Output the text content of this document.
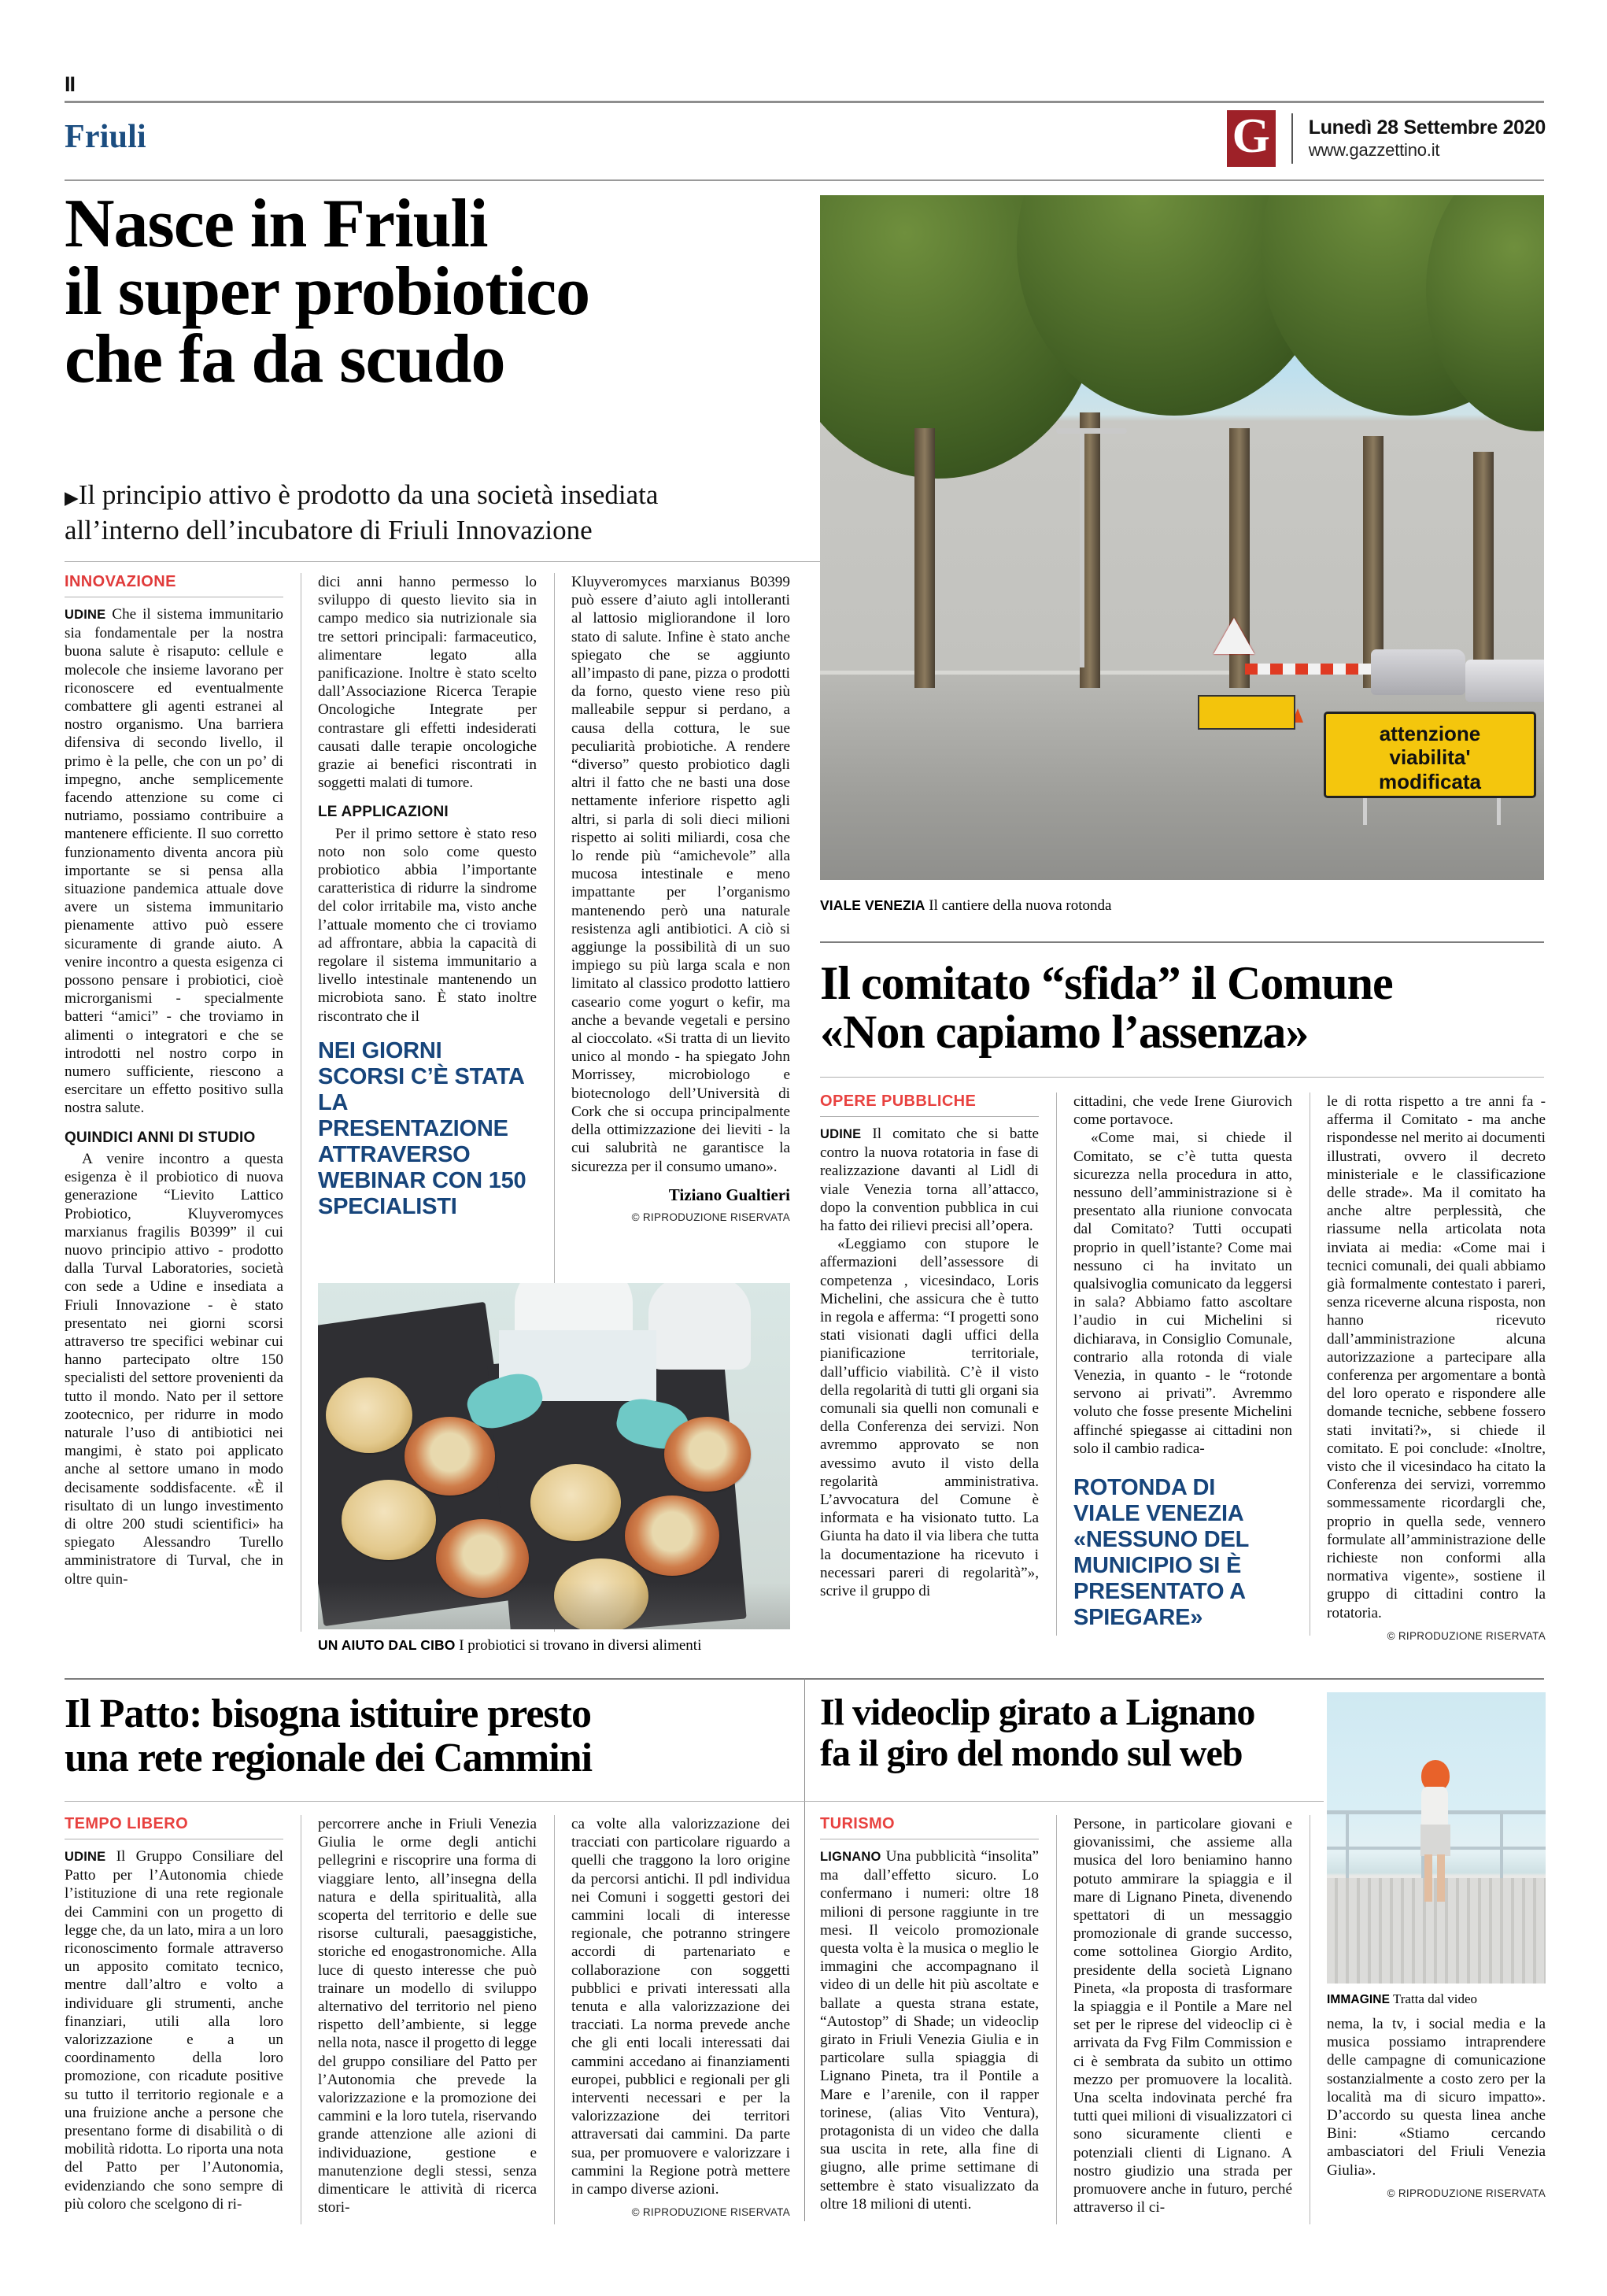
II
Friuli	G Lunedì 28 Settembre 2020
www.gazzettino.it
Nasce in Friuli
il super probiotico
che fa da scudo
▶Il principio attivo è prodotto da una società insediata
all’interno dell’incubatore di Friuli Innovazione
INNOVAZIONE

UDINE Che il sistema immunitario sia fondamentale per la nostra buona salute è risaputo: cellule e molecole che insieme lavorano per riconoscere ed eventualmente combattere gli agenti estranei al nostro organismo. Una barriera difensiva di secondo livello, il primo è la pelle, che con un po’ di impegno, anche semplicemente facendo attenzione su come ci nutriamo, possiamo contribuire a mantenere efficiente. Il suo corretto funzionamento diventa ancora più importante se si pensa alla situazione pandemica attuale dove avere un sistema immunitario pienamente attivo può essere sicuramente di grande aiuto. A venire incontro a questa esigenza ci possono pensare i probiotici, cioè microrganismi - specialmente batteri “amici” - che troviamo in alimenti o integratori e che se introdotti nel nostro corpo in numero sufficiente, riescono a esercitare un effetto positivo sulla nostra salute.

QUINDICI ANNI DI STUDIO

A venire incontro a questa esigenza è il probiotico di nuova generazione “Lievito Lattico Probiotico, Kluyveromyces marxianus fragilis B0399” il cui nuovo principio attivo - prodotto dalla Turval Laboratories, società con sede a Udine e insediata a Friuli Innovazione - è stato presentato nei giorni scorsi attraverso tre specifici webinar cui hanno partecipato oltre 150 specialisti del settore provenienti da tutto il mondo. Nato per il settore zootecnico, per ridurre in modo naturale l’uso di antibiotici nei mangimi, è stato poi applicato anche al settore umano in modo decisamente soddisfacente. «È il risultato di un lungo investimento di oltre 200 studi scientifici» ha spiegato Alessandro Turello amministratore di Turval, che in oltre quin-

dici anni hanno permesso lo sviluppo di questo lievito sia in campo medico sia nutrizionale sia tre settori principali: farmaceutico, alimentare legato alla panificazione. Inoltre è stato scelto dall’Associazione Ricerca Terapie Oncologiche Integrate per contrastare gli effetti indesiderati causati dalle terapie oncologiche grazie ai benefici riscontrati in soggetti malati di tumore.

LE APPLICAZIONI

Per il primo settore è stato reso noto non solo come questo probiotico abbia l’importante caratteristica di ridurre la sindrome del color irritabile ma, visto anche l’attuale momento che ci troviamo ad affrontare, abbia la capacità di regolare il sistema immunitario a livello intestinale mantenendo un microbiota sano. È stato inoltre riscontrato che il

NEI GIORNI SCORSI C’È STATA LA PRESENTAZIONE ATTRAVERSO WEBINAR CON 150 SPECIALISTI

Kluyveromyces marxianus B0399 può essere d’aiuto agli intolleranti al lattosio migliorandone il loro stato di salute. Infine è stato anche spiegato che se aggiunto all’impasto di pane, pizza o prodotti da forno, questo viene reso più malleabile seppur si perdano, a causa della cottura, le sue peculiarità probiotiche. A rendere “diverso” questo probiotico dagli altri il fatto che ne basti una dose nettamente inferiore rispetto agli altri, si parla di soli dieci milioni rispetto ai soliti miliardi, cosa che lo rende più “amichevole” alla mucosa intestinale e meno impattante per l’organismo mantenendo però una naturale resistenza agli antibiotici. A ciò si aggiunge la possibilità di un suo impiego su più larga scala e non limitato al classico prodotto lattiero caseario come yogurt o kefir, ma anche a bevande vegetali e persino al cioccolato. «Si tratta di un lievito unico al mondo - ha spiegato John Morrissey, microbiologo e biotecnologo dell’Università di Cork che si occupa principalmente della ottimizzazione dei lieviti - la cui salubrità ne garantisce la sicurezza per il consumo umano».

Tiziano Gualtieri
© RIPRODUZIONE RISERVATA
UN AIUTO DAL CIBO I probiotici si trovano in diversi alimenti
attenzione
viabilita'
modificata
VIALE VENEZIA Il cantiere della nuova rotonda
Il comitato “sfida” il Comune
«Non capiamo l’assenza»
OPERE PUBBLICHE

UDINE Il comitato che si batte contro la nuova rotatoria in fase di realizzazione davanti al Lidl di viale Venezia torna all’attacco, dopo la convention pubblica in cui ha fatto dei rilievi precisi all’opera.

«Leggiamo con stupore le affermazioni dell’assessore di competenza , vicesindaco, Loris Michelini, che assicura che è tutto in regola e afferma: “I progetti sono stati visionati dagli uffici della pianificazione territoriale, dall’ufficio viabilità. C’è il visto della regolarità di tutti gli organi sia comunali sia quelli non comunali e della Conferenza dei servizi. Non avremmo approvato se non avessimo avuto il visto della regolarità amministrativa. L’avvocatura del Comune è informata e ha visionato tutto. La Giunta ha dato il via libera che tutta la documentazione ha ricevuto i necessari pareri di regolarità”», scrive il gruppo di

cittadini, che vede Irene Giurovich come portavoce.

«Come mai, si chiede il Comitato, se c’è tutta questa sicurezza nella procedura in atto, nessuno dell’amministrazione si è presentato alla riunione convocata dal Comitato? Tutti occupati proprio in quell’istante? Come mai nessuno ci ha invitato un qualsivoglia comunicato da leggersi in sala? Abbiamo fatto ascoltare l’audio in cui Michelini si dichiarava, in Consiglio Comunale, contrario alla rotonda di viale Venezia, in quanto - le “rotonde servono ai privati”. Avremmo voluto che fosse presente Michelini affinché spiegasse ai cittadini non solo il cambio radica-

ROTONDA DI VIALE VENEZIA «NESSUNO DEL MUNICIPIO SI È PRESENTATO A SPIEGARE»

le di rotta rispetto a tre anni fa - afferma il Comitato - ma anche rispondesse nel merito ai documenti illustrati, ovvero il decreto ministeriale e le classificazione delle strade». Ma il comitato ha anche altre perplessità, che riassume nella articolata nota inviata ai media: «Come mai i tecnici comunali, dei quali abbiamo già formalmente contestato i pareri, senza riceverne alcuna risposta, non hanno ricevuto dall’amministrazione alcuna autorizzazione a partecipare alla conferenza per argomentare a bontà del loro operato e rispondere alle domande tecniche, sebbene fossero stati invitati?», si chiede il comitato. E poi conclude: «Inoltre, visto che il vicesindaco ha citato la Conferenza dei servizi, vorremmo sommessamente ricordargli che, proprio in quella sede, vennero formulate all’amministrazione delle richieste non conformi alla normativa vigente», sostiene il gruppo di cittadini contro la rotatoria.

© RIPRODUZIONE RISERVATA
Il Patto: bisogna istituire presto
una rete regionale dei Cammini
TEMPO LIBERO

UDINE Il Gruppo Consiliare del Patto per l’Autonomia chiede l’istituzione di una rete regionale dei Cammini con un progetto di legge che, da un lato, mira a un loro riconoscimento formale attraverso un apposito comitato tecnico, mentre dall’altro e volto a individuare gli strumenti, anche finanziari, utili alla loro valorizzazione e a un coordinamento della loro promozione, con ricadute positive su tutto il territorio regionale e a una fruizione anche a persone che presentano forme di disabilità o di mobilità ridotta. Lo riporta una nota del Patto per l’Autonomia, evidenziando che sono sempre di più coloro che scelgono di ri-

percorrere anche in Friuli Venezia Giulia le orme degli antichi pellegrini e riscoprire una forma di viaggiare lento, all’insegna della natura e della spiritualità, alla scoperta del territorio e delle sue risorse culturali, paesaggistiche, storiche ed enogastronomiche. Alla luce di questo interesse che può trainare un modello di sviluppo alternativo del territorio nel pieno rispetto dell’ambiente, si legge nella nota, nasce il progetto di legge del gruppo consiliare del Patto per l’Autonomia che prevede la valorizzazione e la promozione dei cammini e la loro tutela, riservando grande attenzione alle azioni di individuazione, gestione e manutenzione degli stessi, senza dimenticare le attività di ricerca stori-

ca volte alla valorizzazione dei tracciati con particolare riguardo a quelli che traggono la loro origine da percorsi antichi. Il pdl individua nei Comuni i soggetti gestori dei cammini locali di interesse regionale, che potranno stringere accordi di partenariato e collaborazione con soggetti pubblici e privati interessati alla tenuta e alla valorizzazione dei tracciati. La norma prevede anche che gli enti locali interessati dai cammini accedano ai finanziamenti europei, pubblici e regionali per gli interventi necessari e per la valorizzazione dei territori attraversati dai cammini. Da parte sua, per promuovere e valorizzare i cammini la Regione potrà mettere in campo diverse azioni.

© RIPRODUZIONE RISERVATA
Il videoclip girato a Lignano
fa il giro del mondo sul web
TURISMO

LIGNANO Una pubblicità “insolita” ma dall’effetto sicuro. Lo confermano i numeri: oltre 18 milioni di persone raggiunte in tre mesi. Il veicolo promozionale questa volta è la musica o meglio le immagini che accompagnano il video di un delle hit più ascoltate e ballate a questa strana estate, “Autostop” di Shade; un videoclip girato in Friuli Venezia Giulia e in particolare sulla spiaggia di Lignano Pineta, tra il Pontile a Mare e l’arenile, con il rapper torinese, (alias Vito Ventura), protagonista di un video che dalla sua uscita in rete, alla fine di giugno, alle prime settimane di settembre è stato visualizzato da oltre 18 milioni di utenti.

Persone, in particolare giovani e giovanissimi, che assieme alla musica del loro beniamino hanno potuto ammirare la spiaggia e il mare di Lignano Pineta, divenendo spettatori di un messaggio promozionale di grande successo, come sottolinea Giorgio Ardito, presidente della società Lignano Pineta, «la proposta di trasformare la spiaggia e il Pontile a Mare nel set per le riprese del videoclip ci è arrivata da Fvg Film Commission e ci è sembrata da subito un ottimo mezzo per promuovere la località. Una scelta indovinata perché fra tutti quei milioni di visualizzatori ci sono sicuramente clienti e potenziali clienti di Lignano. A nostro giudizio una strada per promuovere anche in futuro, perché attraverso il ci-

nema, la tv, i social media e la musica possiamo intraprendere delle campagne di comunicazione sostanzialmente a costo zero per la località ma di sicuro impatto». D’accordo su questa linea anche Bini: «Stiamo cercando ambasciatori del Friuli Venezia Giulia».

© RIPRODUZIONE RISERVATA
IMMAGINE Tratta dal video
